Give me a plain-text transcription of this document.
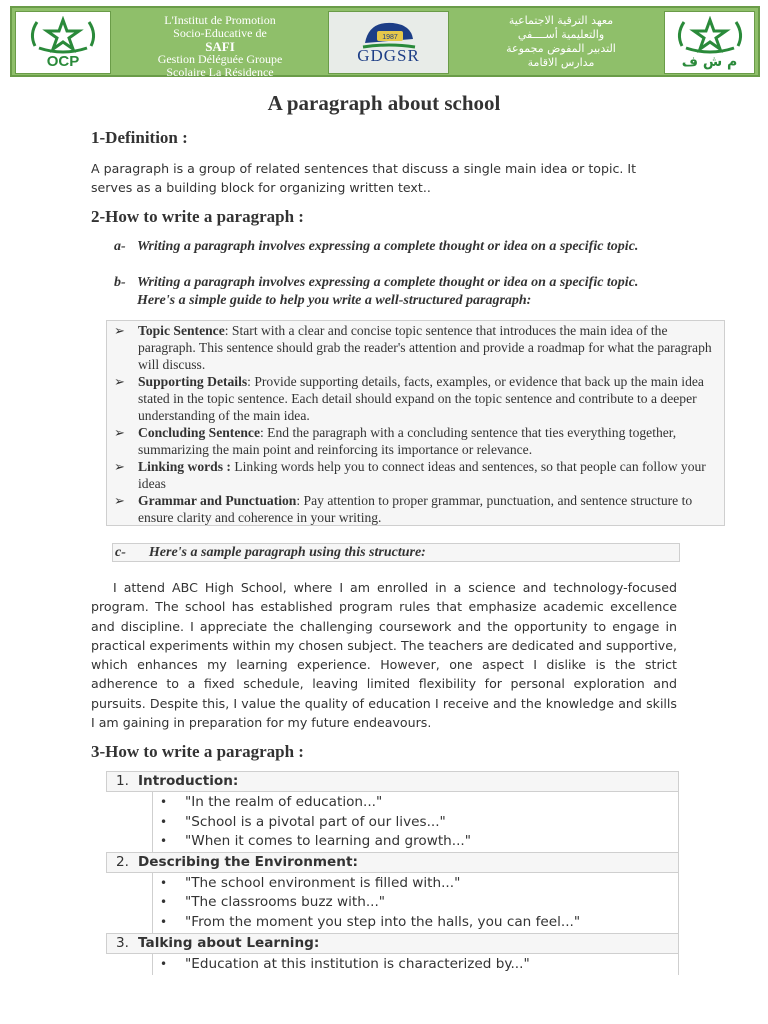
OCP
L'Institut de Promotion
Socio-Educative de
SAFI
Gestion Déléguée Groupe
Scolaire La Résidence
1987
GDGSR
معهد الترقية الاجتماعية
والتعليمية أســــفي
التدبير المفوض مجموعة
مدارس الاقامة	م ش ف
A paragraph about school
1-Definition :
A paragraph is a group of related sentences that discuss a single main idea or topic. It serves as a building block for organizing written text..
2-How to write a paragraph :
a- Writing a paragraph involves expressing a complete thought or idea on a specific topic.
b- Writing a paragraph involves expressing a complete thought or idea on a specific topic. Here's a simple guide to help you write a well-structured paragraph:
➢ Topic Sentence: Start with a clear and concise topic sentence that introduces the main idea of the paragraph. This sentence should grab the reader's attention and provide a roadmap for what the paragraph will discuss.
➢ Supporting Details: Provide supporting details, facts, examples, or evidence that back up the main idea stated in the topic sentence. Each detail should expand on the topic sentence and contribute to a deeper understanding of the main idea.
➢ Concluding Sentence: End the paragraph with a concluding sentence that ties everything together, summarizing the main point and reinforcing its importance or relevance.
➢ Linking words : Linking words help you to connect ideas and sentences, so that people can follow your ideas
➢ Grammar and Punctuation: Pay attention to proper grammar, punctuation, and sentence structure to ensure clarity and coherence in your writing.
c- Here's a sample paragraph using this structure:
I attend ABC High School, where I am enrolled in a science and technology-focused program. The school has established program rules that emphasize academic excellence and discipline. I appreciate the challenging coursework and the opportunity to engage in practical experiments within my chosen subject. The teachers are dedicated and supportive, which enhances my learning experience. However, one aspect I dislike is the strict adherence to a fixed schedule, leaving limited flexibility for personal exploration and pursuits. Despite this, I value the quality of education I receive and the knowledge and skills I am gaining in preparation for my future endeavours.
3-How to write a paragraph :
1. Introduction:
• "In the realm of education..."
• "School is a pivotal part of our lives..."
• "When it comes to learning and growth..."
2. Describing the Environment:
• "The school environment is filled with..."
• "The classrooms buzz with..."
• "From the moment you step into the halls, you can feel..."
3. Talking about Learning:
• "Education at this institution is characterized by..."
